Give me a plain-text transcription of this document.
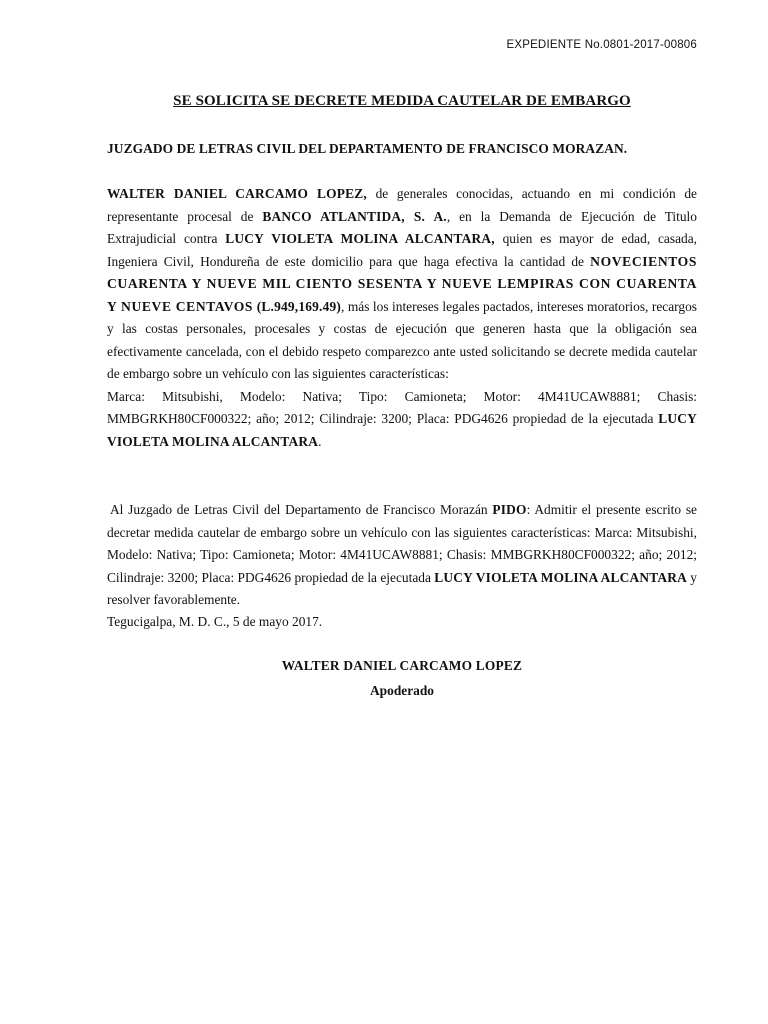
SE SOLICITA SE DECRETE MEDIDA CAUTELAR DE EMBARGO
JUZGADO DE LETRAS CIVIL DEL DEPARTAMENTO DE FRANCISCO MORAZAN.
WALTER DANIEL CARCAMO LOPEZ, de generales conocidas, actuando en mi condición de representante procesal de BANCO ATLANTIDA, S. A., en la Demanda de Ejecución de Titulo Extrajudicial contra LUCY VIOLETA MOLINA ALCANTARA, quien es mayor de edad, casada, Ingeniera Civil, Hondureña de este domicilio para que haga efectiva la cantidad de NOVECIENTOS CUARENTA Y NUEVE MIL CIENTO SESENTA Y NUEVE LEMPIRAS CON CUARENTA Y NUEVE CENTAVOS (L.949,169.49), más los intereses legales pactados, intereses moratorios, recargos y las costas personales, procesales y costas de ejecución que generen hasta que la obligación sea efectivamente cancelada, con el debido respeto comparezco ante usted solicitando se decrete medida cautelar de embargo sobre un vehículo con las siguientes características:
Marca: Mitsubishi, Modelo: Nativa; Tipo: Camioneta; Motor: 4M41UCAW8881; Chasis: MMBGRKH80CF000322; año; 2012; Cilindraje: 3200; Placa: PDG4626 propiedad de la ejecutada LUCY VIOLETA MOLINA ALCANTARA.
Al Juzgado de Letras Civil del Departamento de Francisco Morazán PIDO: Admitir el presente escrito se decretar medida cautelar de embargo sobre un vehículo con las siguientes características: Marca: Mitsubishi, Modelo: Nativa; Tipo: Camioneta; Motor: 4M41UCAW8881; Chasis: MMBGRKH80CF000322; año; 2012; Cilindraje: 3200; Placa: PDG4626 propiedad de la ejecutada LUCY VIOLETA MOLINA ALCANTARA y resolver favorablemente.
Tegucigalpa, M. D. C., 5 de mayo 2017.
WALTER DANIEL CARCAMO LOPEZ
Apoderado
EXPEDIENTE No.0801-2017-00806
